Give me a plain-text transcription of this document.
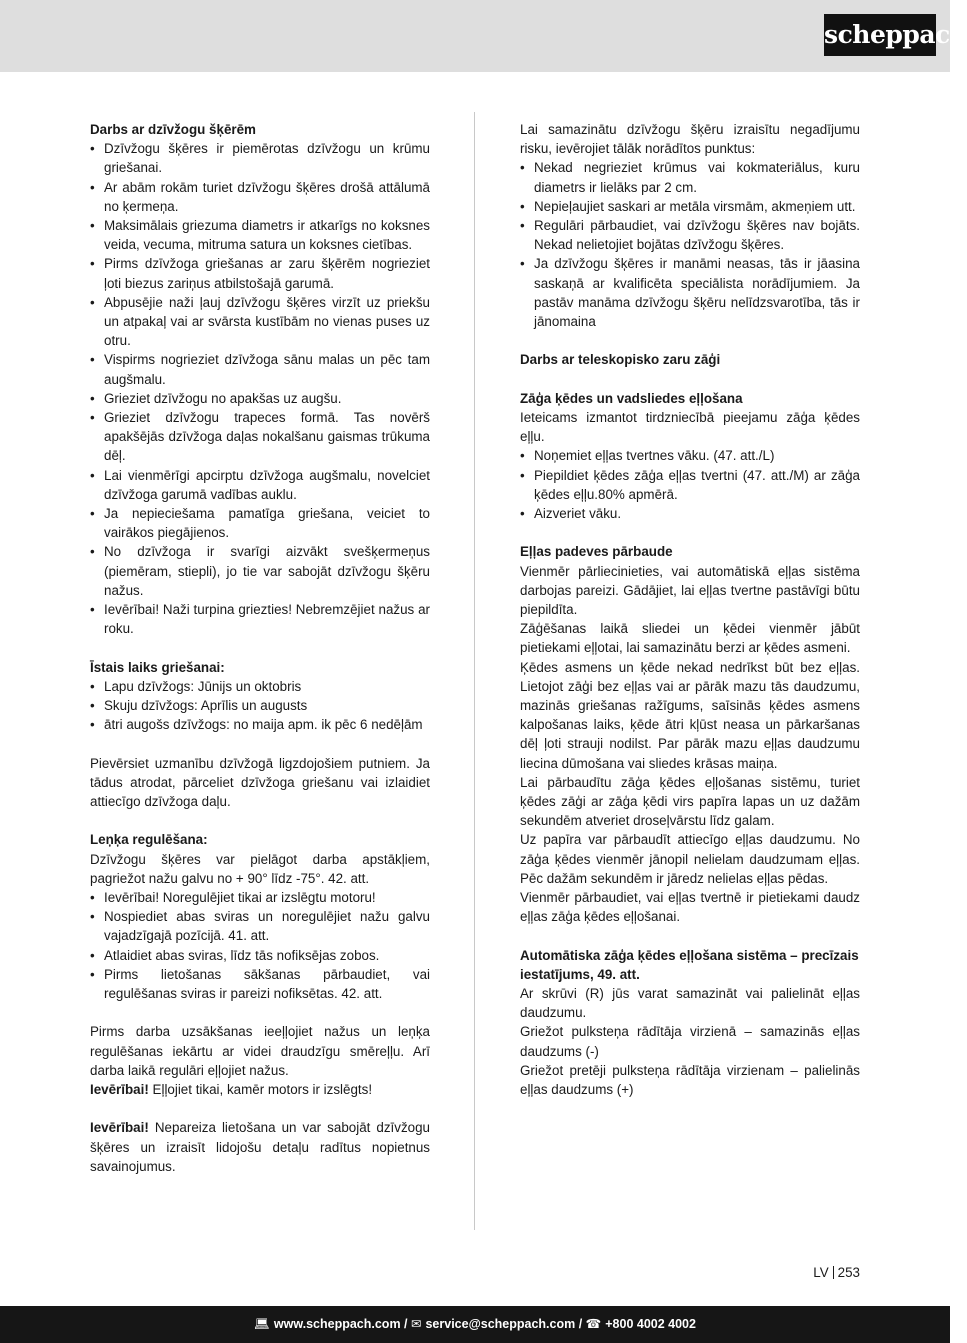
scheppach
Darbs ar dzīvžogu šķērēm
• Dzīvžogu šķēres ir piemērotas dzīvžogu un krūmu griešanai.
• Ar abām rokām turiet dzīvžogu šķēres drošā attālumā no ķermeņa.
• Maksimālais griezuma diametrs ir atkarīgs no koksnes veida, vecuma, mitruma satura un koksnes cietības.
• Pirms dzīvžoga griešanas ar zaru šķērēm nogrieziet ļoti biezus zariņus atbilstošajā garumā.
• Abpusējie naži ļauj dzīvžogu šķēres virzīt uz priekšu un atpakaļ vai ar svārsta kustībām no vienas puses uz otru.
• Vispirms nogrieziet dzīvžoga sānu malas un pēc tam augšmalu.
• Grieziet dzīvžogu no apakšas uz augšu.
• Grieziet dzīvžogu trapeces formā. Tas novērš apakšējās dzīvžoga daļas nokalšanu gaismas trūkuma dēļ.
• Lai vienmērīgi apcirptu dzīvžoga augšmalu, novelciet dzīvžoga garumā vadības auklu.
• Ja nepieciešama pamatīga griešana, veiciet to vairākos piegājienos.
• No dzīvžoga ir svarīgi aizvākt svešķermeņus (piemēram, stiepli), jo tie var sabojāt dzīvžogu šķēru nažus.
• Ievērībai! Naži turpina griezties! Nebremzējiet nažus ar roku.
Īstais laiks griešanai:
• Lapu dzīvžogs: Jūnijs un oktobris
• Skuju dzīvžogs: Aprīlis un augusts
• ātri augošs dzīvžogs: no maija apm. ik pēc 6 nedēļām
Pievērsiet uzmanību dzīvžogā ligzdojošiem putniem. Ja tādus atrodat, pārceliet dzīvžoga griešanu vai izlaidiet attiecīgo dzīvžoga daļu.
Leņķa regulēšana:
Dzīvžogu šķēres var pielāgot darba apstākļiem, pagriežot nažu galvu no + 90° līdz -75°. 42. att.
• Ievērībai! Noregulējiet tikai ar izslēgtu motoru!
• Nospiediet abas sviras un noregulējiet nažu galvu vajadzīgajā pozīcijā. 41. att.
• Atlaidiet abas sviras, līdz tās nofiksējas zobos.
• Pirms lietošanas sākšanas pārbaudiet, vai regulēšanas sviras ir pareizi nofiksētas. 42. att.
Pirms darba uzsākšanas ieeļļojiet nažus un leņķa regulēšanas iekārtu ar videi draudzīgu smēreļļu. Arī darba laikā regulāri eļļojiet nažus.
Ievērībai! Eļļojiet tikai, kamēr motors ir izslēgts!
Ievērībai! Nepareiza lietošana un var sabojāt dzīvžogu šķēres un izraisīt lidojošu detaļu radītus nopietnus savainojumus.
Lai samazinātu dzīvžogu šķēru izraisītu negadījumu risku, ievērojiet tālāk norādītos punktus:
• Nekad negrieziet krūmus vai kokmateriālus, kuru diametrs ir lielāks par 2 cm.
• Nepieļaujiet saskari ar metāla virsmām, akmeņiem utt.
• Regulāri pārbaudiet, vai dzīvžogu šķēres nav bojāts. Nekad nelietojiet bojātas dzīvžogu šķēres.
• Ja dzīvžogu šķēres ir manāmi neasas, tās ir jāasina saskaņā ar kvalificēta speciālista norādījumiem. Ja pastāv manāma dzīvžogu šķēru nelīdzsvarotība, tās ir jānomaina
Darbs ar teleskopisko zaru zāģi
Zāģa ķēdes un vadsliedes eļļošana
Ieteicams izmantot tirdzniecībā pieejamu zāģa ķēdes eļļu.
• Noņemiet eļļas tvertnes vāku. (47. att./L)
• Piepildiet ķēdes zāģa eļļas tvertni (47. att./M) ar zāģa ķēdes eļļu.80% apmērā.
• Aizveriet vāku.
Eļļas padeves pārbaude
Vienmēr pārliecinieties, vai automātiskā eļļas sistēma darbojas pareizi. Gādājiet, lai eļļas tvertne pastāvīgi būtu piepildīta.
Zāģēšanas laikā sliedei un ķēdei vienmēr jābūt pietiekami eļļotai, lai samazinātu berzi ar ķēdes asmeni.
Ķēdes asmens un ķēde nekad nedrīkst būt bez eļļas. Lietojot zāģi bez eļļas vai ar pārāk mazu tās daudzumu, mazinās griešanas ražīgums, saīsinās ķēdes asmens kalpošanas laiks, ķēde ātri kļūst neasa un pārkaršanas dēļ ļoti strauji nodilst. Par pārāk mazu eļļas daudzumu liecina dūmošana vai sliedes krāsas maiņa.
Lai pārbaudītu zāģa ķēdes eļļošanas sistēmu, turiet ķēdes zāģi ar zāģa ķēdi virs papīra lapas un uz dažām sekundēm atveriet droseļvārstu līdz galam.
Uz papīra var pārbaudīt attiecīgo eļļas daudzumu. No zāģa ķēdes vienmēr jānopil nelielam daudzumam eļļas. Pēc dažām sekundēm ir jāredz nelielas eļļas pēdas.
Vienmēr pārbaudiet, vai eļļas tvertnē ir pietiekami daudz eļļas zāģa ķēdes eļļošanai.
Automātiska zāģa ķēdes eļļošana sistēma – precīzais iestatījums, 49. att.
Ar skrūvi (R) jūs varat samazināt vai palielināt eļļas daudzumu.
Griežot pulksteņa rādītāja virzienā – samazinās eļļas daudzums (-)
Griežot pretēji pulksteņa rādītāja virzienam – palielinās eļļas daudzums (+)
LV 253
💻︎ www.scheppach.com / ✉︎ service@scheppach.com / ☎︎ +800 4002 4002
